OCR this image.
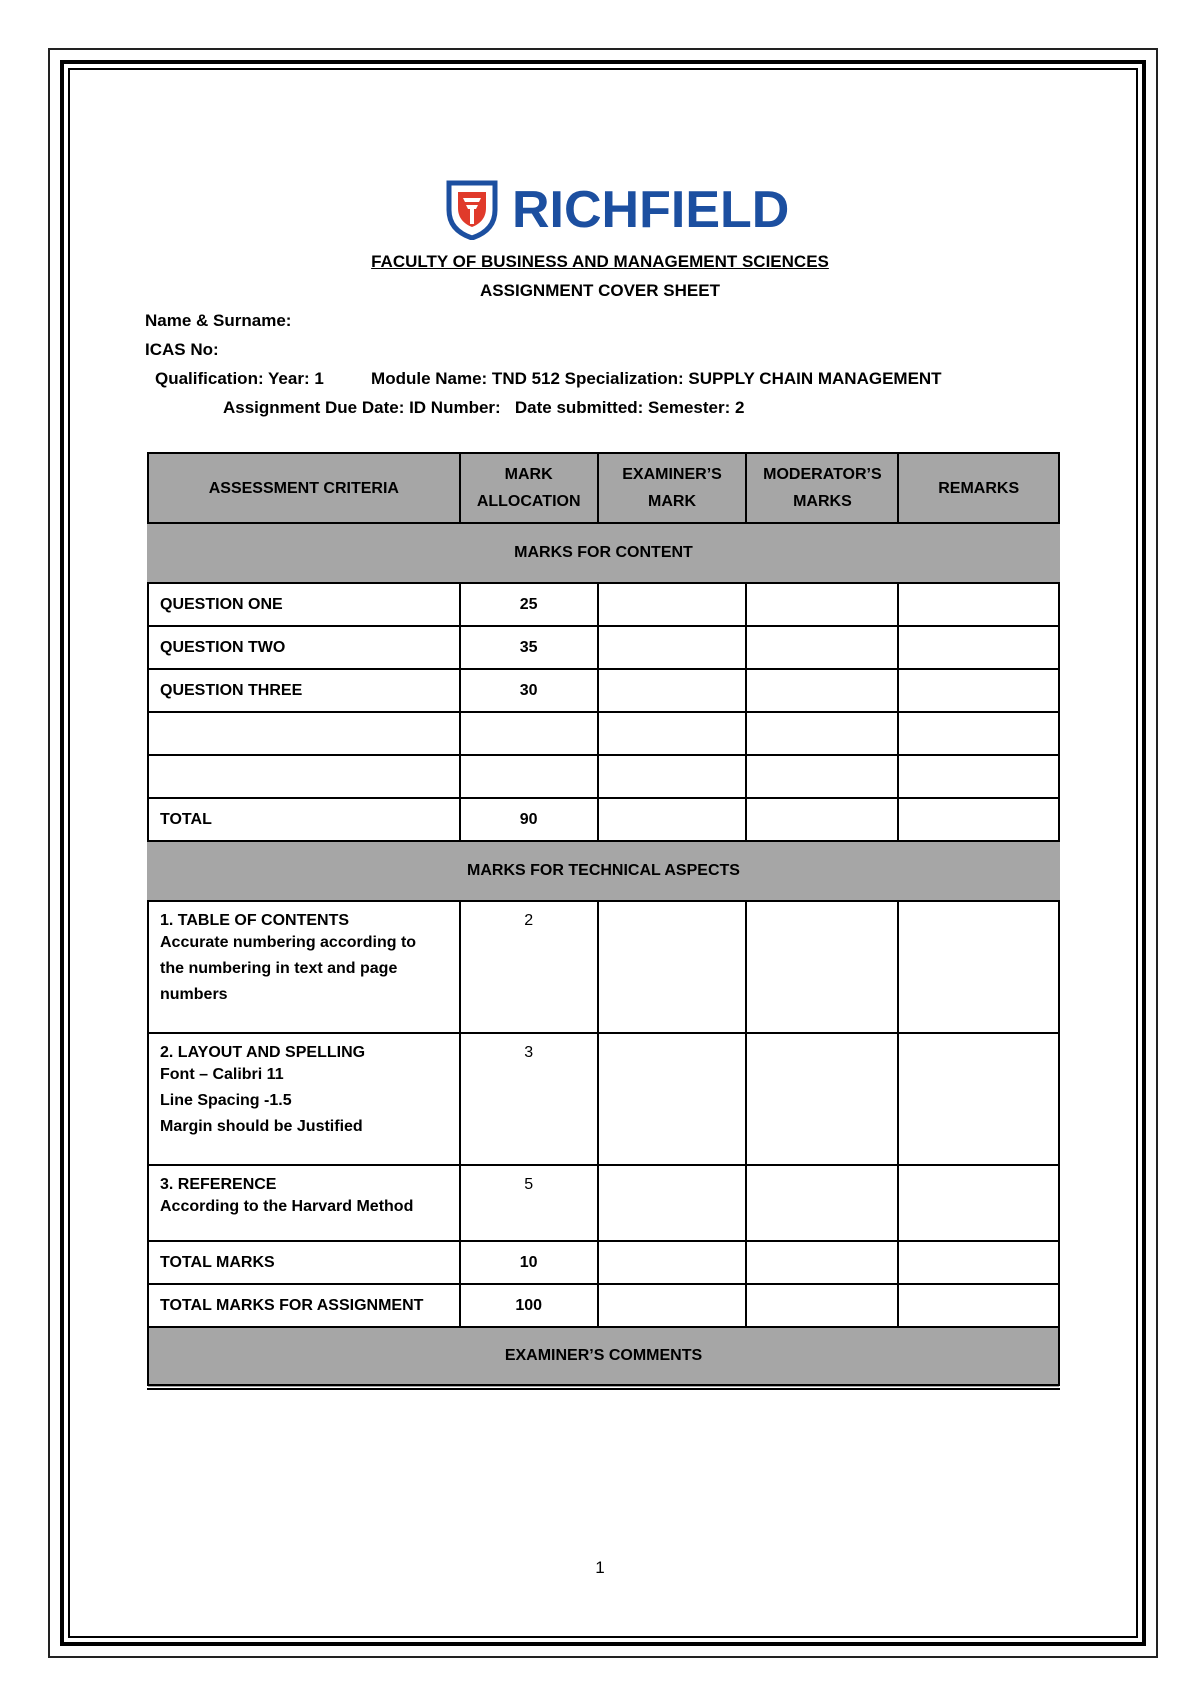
RICHFIELD
FACULTY OF BUSINESS AND MANAGEMENT SCIENCES
ASSIGNMENT COVER SHEET
Name & Surname:
ICAS No:
Qualification: Year: 1          Module Name: TND 512 Specialization: SUPPLY CHAIN MANAGEMENT
Assignment Due Date: ID Number:   Date submitted: Semester: 2
ASSESSMENT CRITERIA	MARK ALLOCATION	EXAMINER’S MARK	MODERATOR’S MARKS	REMARKS
MARKS FOR CONTENT				
QUESTION ONE	25			
QUESTION TWO	35			
QUESTION THREE	30			

TOTAL	90			
MARKS FOR TECHNICAL ASPECTS				

1. TABLE OF CONTENTS
Accurate numbering according to
the numbering in text and page
numbers	2			

2. LAYOUT AND SPELLING
Font – Calibri 11
Line Spacing -1.5
Margin should be Justified	3			

3. REFERENCE
According to the Harvard Method	5			
TOTAL MARKS	10			
TOTAL MARKS FOR ASSIGNMENT	100			
EXAMINER’S COMMENTS				
1
